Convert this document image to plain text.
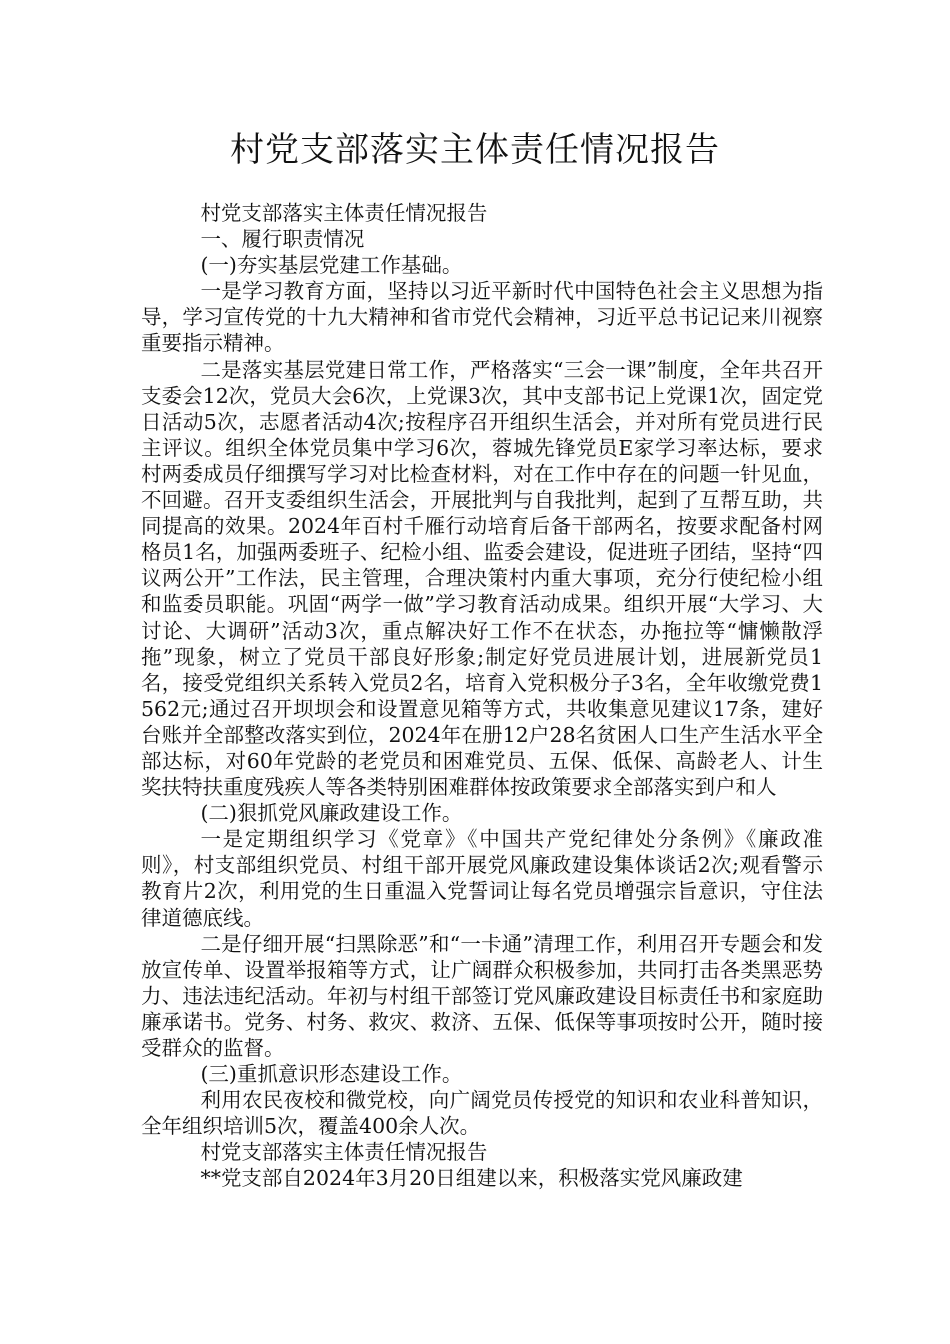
村党支部落实主体责任情况报告

村党支部落实主体责任情况报告

一、履行职责情况

(一)夯实基层党建工作基础。

一是学习教育方面，坚持以习近平新时代中国特色社会主义思想为指导，学习宣传党的十九大精神和省市党代会精神，习近平总书记记来川视察重要指示精神。

二是落实基层党建日常工作，严格落实“三会一课”制度，全年共召开支委会12次，党员大会6次，上党课3次，其中支部书记上党课1次，固定党日活动5次，志愿者活动4次;按程序召开组织生活会，并对所有党员进行民主评议。组织全体党员集中学习6次，蓉城先锋党员E家学习率达标，要求村两委成员仔细撰写学习对比检查材料，对在工作中存在的问题一针见血，不回避。召开支委组织生活会，开展批判与自我批判，起到了互帮互助，共同提高的效果。2024年百村千雁行动培育后备干部两名，按要求配备村网格员1名，加强两委班子、纪检小组、监委会建设，促进班子团结，坚持“四议两公开”工作法，民主管理，合理决策村内重大事项，充分行使纪检小组和监委员职能。巩固“两学一做”学习教育活动成果。组织开展“大学习、大讨论、大调研”活动3次，重点解决好工作不在状态，办拖拉等“慵懒散浮拖”现象，树立了党员干部良好形象;制定好党员进展计划，进展新党员1名，接受党组织关系转入党员2名，培育入党积极分子3名，全年收缴党费1562元;通过召开坝坝会和设置意见箱等方式，共收集意见建议17条，建好台账并全部整改落实到位，2024年在册12户28名贫困人口生产生活水平全部达标，对60年党龄的老党员和困难党员、五保、低保、高龄老人、计生奖扶特扶重度残疾人等各类特别困难群体按政策要求全部落实到户和人

(二)狠抓党风廉政建设工作。

一是定期组织学习《党章》《中国共产党纪律处分条例》《廉政准则》，村支部组织党员、村组干部开展党风廉政建设集体谈话2次;观看警示教育片2次，利用党的生日重温入党誓词让每名党员增强宗旨意识，守住法律道德底线。

二是仔细开展“扫黑除恶”和“一卡通”清理工作，利用召开专题会和发放宣传单、设置举报箱等方式，让广阔群众积极参加，共同打击各类黑恶势力、违法违纪活动。年初与村组干部签订党风廉政建设目标责任书和家庭助廉承诺书。党务、村务、救灾、救济、五保、低保等事项按时公开，随时接受群众的监督。

(三)重抓意识形态建设工作。

利用农民夜校和微党校，向广阔党员传授党的知识和农业科普知识，全年组织培训5次，覆盖400余人次。

村党支部落实主体责任情况报告

**党支部自2024年3月20日组建以来，积极落实党风廉政建
